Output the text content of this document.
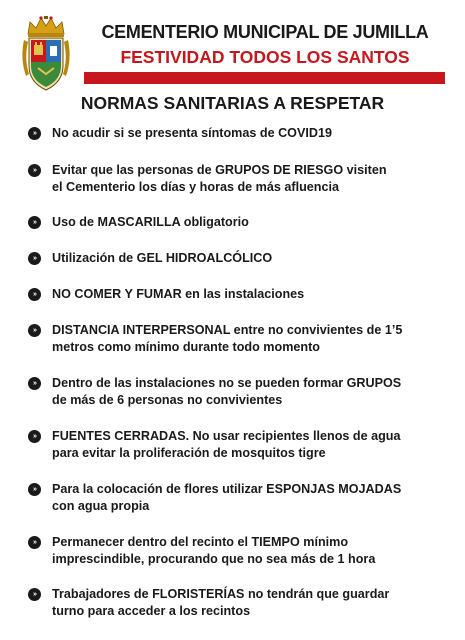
CEMENTERIO MUNICIPAL DE JUMILLA
FESTIVIDAD TODOS LOS SANTOS
NORMAS SANITARIAS A RESPETAR
»	No acudir si se presenta síntomas de COVID19
»	Evitar que las personas de GRUPOS DE RIESGO visiten
el Cementerio los días y horas de más afluencia
»	Uso de MASCARILLA obligatorio
»	Utilización de GEL HIDROALCÓLICO
»	NO COMER Y FUMAR en las instalaciones
»	DISTANCIA INTERPERSONAL entre no convivientes de 1’5
metros como mínimo durante todo momento
»	Dentro de las instalaciones no se pueden formar GRUPOS
de más de 6 personas no convivientes
»	FUENTES CERRADAS. No usar recipientes llenos de agua
para evitar la proliferación de mosquitos tigre
»	Para la colocación de flores utilizar ESPONJAS MOJADAS
con agua propia
»	Permanecer dentro del recinto el TIEMPO mínimo
imprescindible, procurando que no sea más de 1 hora
»	Trabajadores de FLORISTERÍAS no tendrán que guardar
turno para acceder a los recintos
